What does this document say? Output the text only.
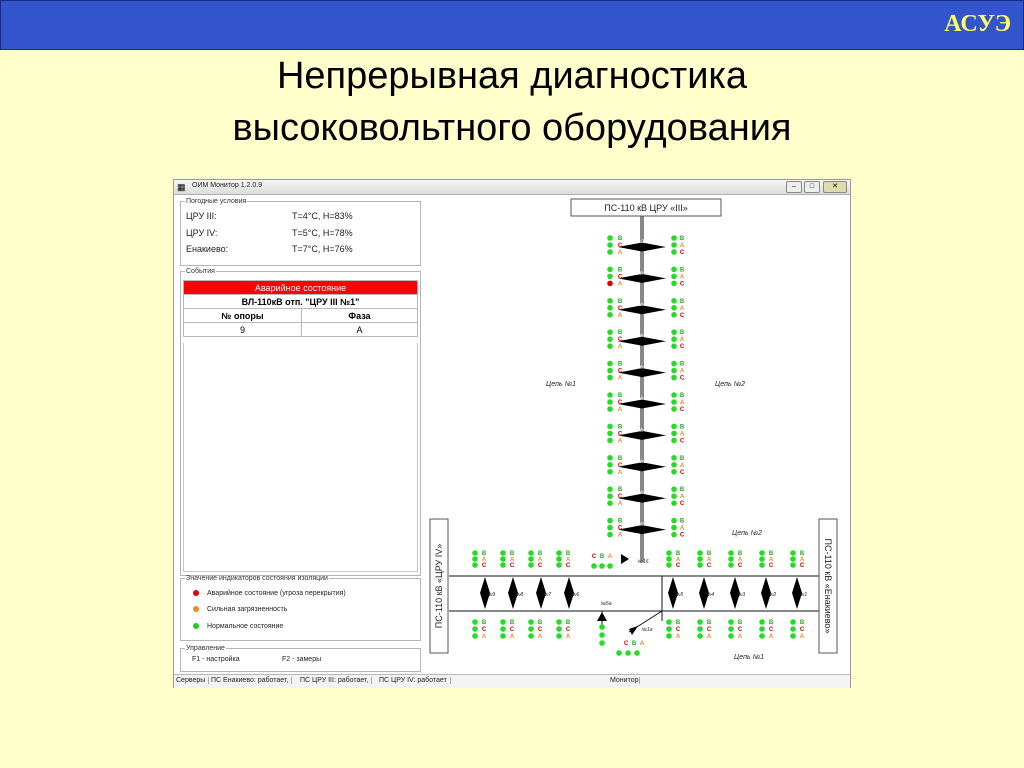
АСУЭ
Непрерывная диагностика
высоковольтного оборудования
▦ ОИМ Монитор 1.2.0.9	–	□	✕
Погодные условия
ЦРУ III:	T=4°С, H=83%
ЦРУ IV:	T=5°С, H=78%
Енакиево:	T=7°С, H=76%
События
Аварийное состояние	
ВЛ-110кВ отп. "ЦРУ III №1"	
№ опоры	Фаза
9	А
Значение индикаторов состояния изоляции
Аварийное состояние (угроза перекрытия)
Сильная загрязненность
Нормальное состояние
Управление
F1 - настройка	F2 - замеры
ПС-110 кВ ЦРУ «III»
ПС-110 кВ «ЦРУ IV»	ПС-110 кВ «Енакиево»
Цепь №1	Цепь №2
Цепь №2
Цепь №1
№5а
№1а
№16
№10
В
С
А
В
А
С
№9
В
С
А
В
А
С
№8
В
С
А
В
А
С
№7
В
С
А
В
А
С
№6
В
С
А
В
А
С
№5
В
С
А
В
А
С
№4
В
С
А
В
А
С
№3
В
С
А
В
А
С
№2
В
С
А
В
А
С
№1
В
С
А
В
А
С
№9
В
А
С
В
С
А
№8
В
А
С
В
С
А
№7
В
А
С
В
С
А
№6
В
А
С
В
С
А
№5
В
А
С
В
С
А
№4
В
А
С
В
С
А
№3
В
А
С
В
С
А
№2
В
А
С
В
С
А
№1
В
А
С
В
С
А
С В А
С В А
Серверы ПС Енакиево: работает,	ПС ЦРУ III: работает,	ПС ЦРУ IV: работает	Монитор
